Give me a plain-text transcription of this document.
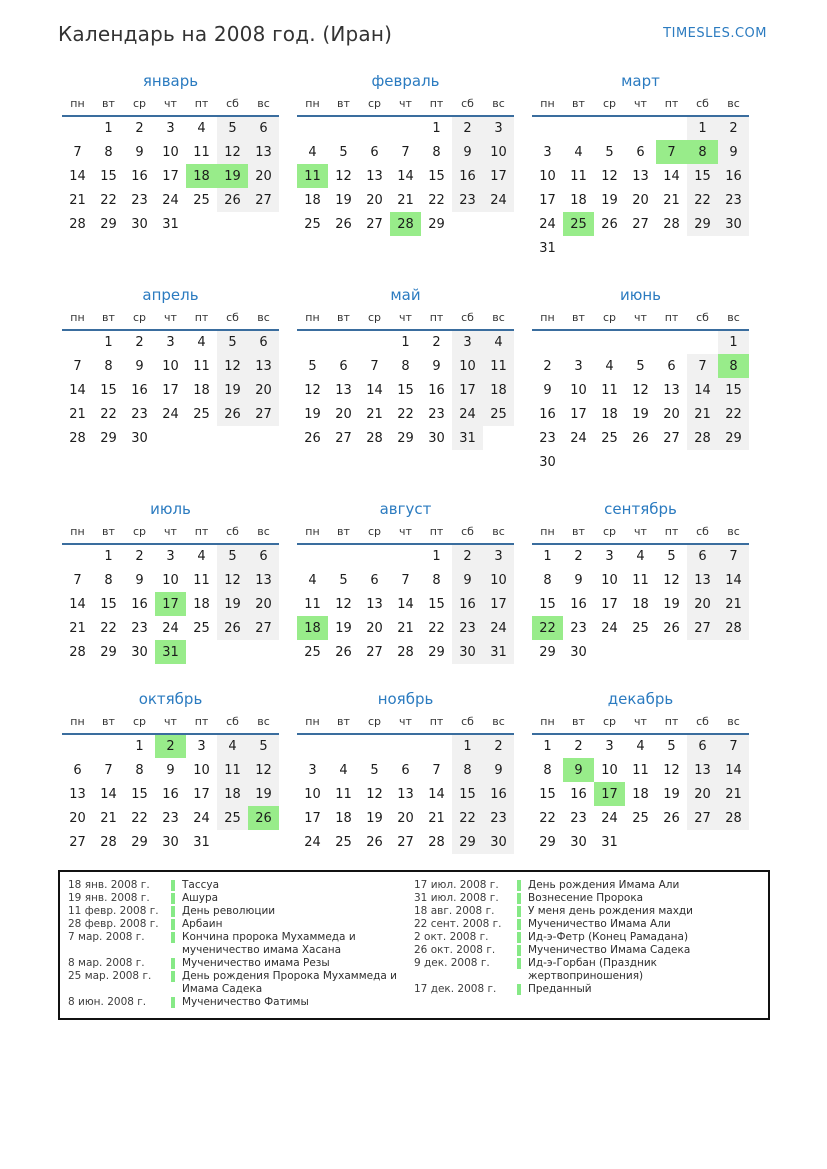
Календарь на 2008 год. (Иран)	TIMESLES.COM
январь
пн	вт	ср	чт	пт	сб	вс
	1	2	3	4	5	6
7	8	9	10	11	12	13
14	15	16	17	18	19	20
21	22	23	24	25	26	27
28	29	30	31			
февраль
пн	вт	ср	чт	пт	сб	вс
				1	2	3
4	5	6	7	8	9	10
11	12	13	14	15	16	17
18	19	20	21	22	23	24
25	26	27	28	29		
март
пн	вт	ср	чт	пт	сб	вс
					1	2
3	4	5	6	7	8	9
10	11	12	13	14	15	16
17	18	19	20	21	22	23
24	25	26	27	28	29	30
31						
апрель
пн	вт	ср	чт	пт	сб	вс
	1	2	3	4	5	6
7	8	9	10	11	12	13
14	15	16	17	18	19	20
21	22	23	24	25	26	27
28	29	30				
май
пн	вт	ср	чт	пт	сб	вс
			1	2	3	4
5	6	7	8	9	10	11
12	13	14	15	16	17	18
19	20	21	22	23	24	25
26	27	28	29	30	31	
июнь
пн	вт	ср	чт	пт	сб	вс
						1
2	3	4	5	6	7	8
9	10	11	12	13	14	15
16	17	18	19	20	21	22
23	24	25	26	27	28	29
30						
июль
пн	вт	ср	чт	пт	сб	вс
	1	2	3	4	5	6
7	8	9	10	11	12	13
14	15	16	17	18	19	20
21	22	23	24	25	26	27
28	29	30	31			
август
пн	вт	ср	чт	пт	сб	вс
				1	2	3
4	5	6	7	8	9	10
11	12	13	14	15	16	17
18	19	20	21	22	23	24
25	26	27	28	29	30	31
сентябрь
пн	вт	ср	чт	пт	сб	вс
1	2	3	4	5	6	7
8	9	10	11	12	13	14
15	16	17	18	19	20	21
22	23	24	25	26	27	28
29	30					
октябрь
пн	вт	ср	чт	пт	сб	вс
		1	2	3	4	5
6	7	8	9	10	11	12
13	14	15	16	17	18	19
20	21	22	23	24	25	26
27	28	29	30	31		
ноябрь
пн	вт	ср	чт	пт	сб	вс
					1	2
3	4	5	6	7	8	9
10	11	12	13	14	15	16
17	18	19	20	21	22	23
24	25	26	27	28	29	30
декабрь
пн	вт	ср	чт	пт	сб	вс
1	2	3	4	5	6	7
8	9	10	11	12	13	14
15	16	17	18	19	20	21
22	23	24	25	26	27	28
29	30	31				
18 янв. 2008 г.	Тассуа
19 янв. 2008 г.	Ашура
11 февр. 2008 г.	День революции
28 февр. 2008 г.	Арбаин
7 мар. 2008 г.	Кончина пророка Мухаммеда и мученичество имама Хасана
8 мар. 2008 г.	Мученичество имама Резы
25 мар. 2008 г.	День рождения Пророка Мухаммеда и Имама Садека
8 июн. 2008 г.	Мученичество Фатимы
17 июл. 2008 г.	День рождения Имама Али
31 июл. 2008 г.	Вознесение Пророка
18 авг. 2008 г.	У меня день рождения махди
22 сент. 2008 г.	Мученичество Имама Али
2 окт. 2008 г.	Ид-э-Фетр (Конец Рамадана)
26 окт. 2008 г.	Мученичество Имама Садека
9 дек. 2008 г.	Ид-э-Горбан (Праздник жертвоприношения)
17 дек. 2008 г.	Преданный
